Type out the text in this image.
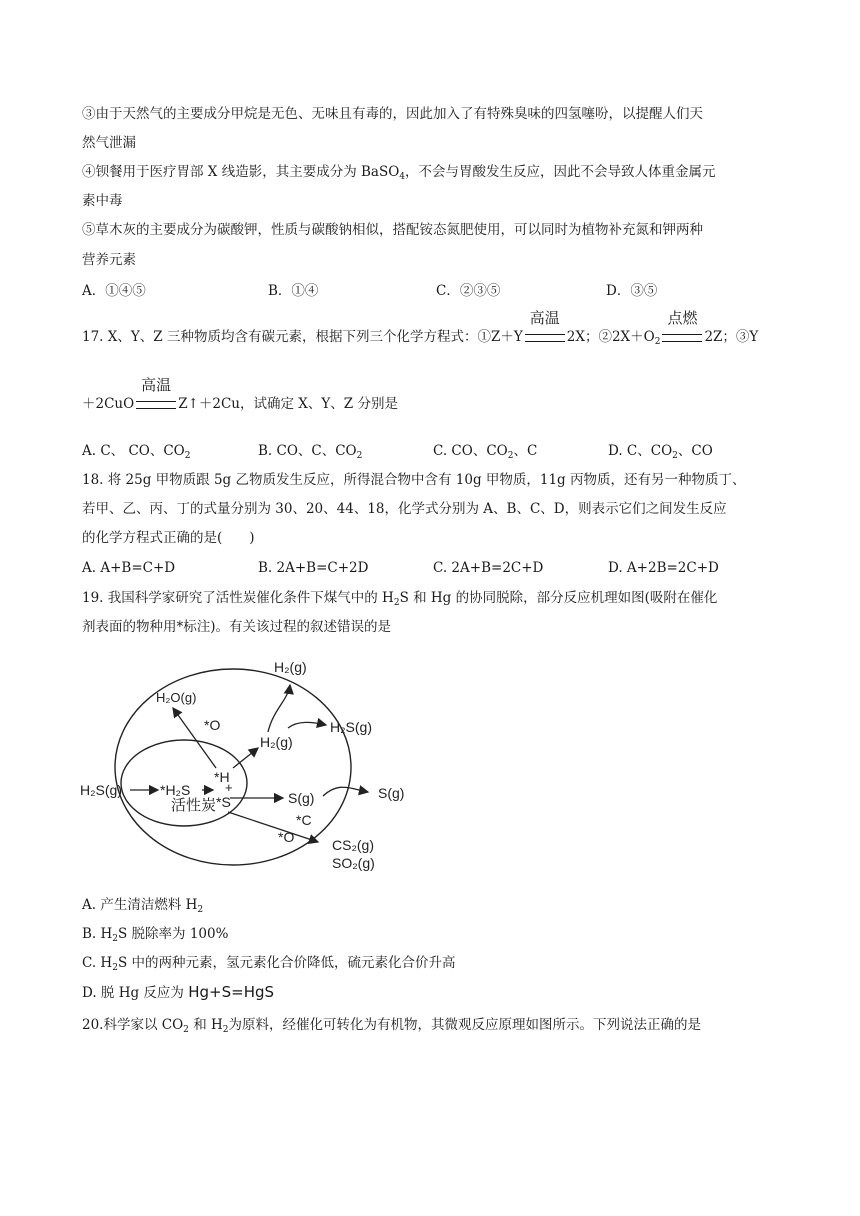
③由于天然气的主要成分甲烷是无色、无味且有毒的，因此加入了有特殊臭味的四氢噻吩，以提醒人们天
然气泄漏
④钡餐用于医疗胃部 X 线造影，其主要成分为 BaSO$_4$，不会与胃酸发生反应，因此不会导致人体重金属元
素中毒
⑤草木灰的主要成分为碳酸钾，性质与碳酸钠相似，搭配铵态氮肥使用，可以同时为植物补充氮和钾两种
营养元素
A．①④⑤	B．①④	C．②③⑤	D．③⑤
17. X、Y、Z 三种物质均含有碳元素，根据下列三个化学方程式：①Z＋Y
高温
2X；$②2X+O_2$
点燃
2Z；③Y
＋2CuO
高温
Z↑＋2Cu，试确定 X、Y、Z 分别是
A. C、 CO、$CO_2$	B. CO、C、$CO_2$	C. CO、$CO_2$、C	D. C、$CO_2$、CO
18. 将 25g 甲物质跟 5g 乙物质发生反应，所得混合物中含有 10g 甲物质，11g 丙物质，还有另一种物质丁、
若甲、乙、丙、丁的式量分别为 30、20、44、18，化学式分别为 A、B、C、D，则表示它们之间发生反应
的化学方程式正确的是(　　)
A. A+B=C+D	B. 2A+B=C+2D	C. 2A+B=2C+D	D. A+2B=2C+D
19. 我国科学家研究了活性炭催化条件下煤气中的 $H_2S$ 和 Hg 的协同脱除，部分反应机理如图(吸附在催化
剂表面的物种用*标注)。有关该过程的叙述错误的是
H₂S(g)	*H₂S
*H
+
*S
活性炭
H₂O(g)
*O
H₂(g)
H₂(g)
H₂S(g)
S(g)	S(g)
*C
*O	CS₂(g)
SO₂(g)
A. 产生清洁燃料 $H_2$
B. $H_2S$ 脱除率为 100%
C. $H_2S$ 中的两种元素，氢元素化合价降低，硫元素化合价升高
D. 脱 Hg 反应为 Hg+S=HgS
20.科学家以 $CO_2$ 和 $H_2$为原料，经催化可转化为有机物，其微观反应原理如图所示。下列说法正确的是
